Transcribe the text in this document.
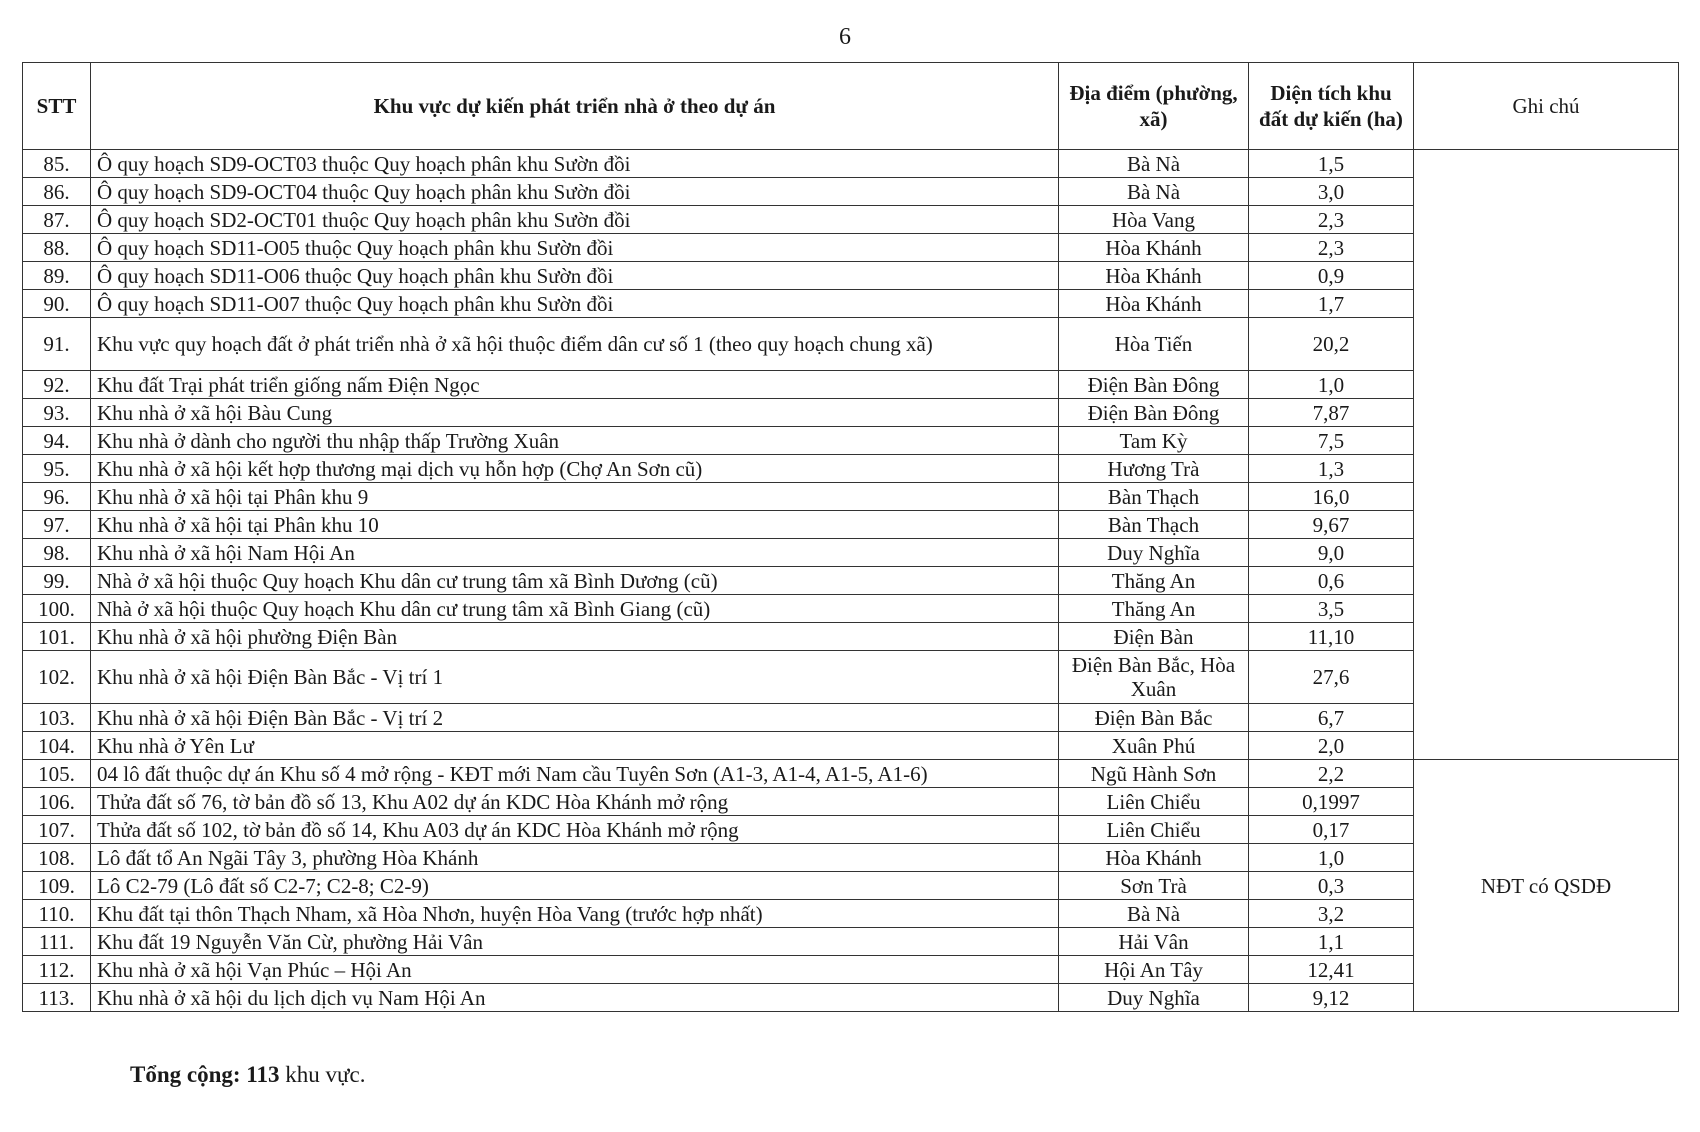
6
STT	Khu vực dự kiến phát triển nhà ở theo dự án	Địa điểm (phường, xã)	Diện tích khu đất dự kiến (ha)	Ghi chú
85.	Ô quy hoạch SD9-OCT03 thuộc Quy hoạch phân khu Sườn đồi	Bà Nà	1,5	
86.	Ô quy hoạch SD9-OCT04 thuộc Quy hoạch phân khu Sườn đồi	Bà Nà	3,0	
87.	Ô quy hoạch SD2-OCT01 thuộc Quy hoạch phân khu Sườn đồi	Hòa Vang	2,3	
88.	Ô quy hoạch SD11-O05 thuộc Quy hoạch phân khu Sườn đồi	Hòa Khánh	2,3	
89.	Ô quy hoạch SD11-O06 thuộc Quy hoạch phân khu Sườn đồi	Hòa Khánh	0,9	
90.	Ô quy hoạch SD11-O07 thuộc Quy hoạch phân khu Sườn đồi	Hòa Khánh	1,7	
91.	Khu vực quy hoạch đất ở phát triển nhà ở xã hội thuộc điểm dân cư số 1 (theo quy hoạch chung xã)	Hòa Tiến	20,2	
92.	Khu đất Trại phát triển giống nấm Điện Ngọc	Điện Bàn Đông	1,0	
93.	Khu nhà ở xã hội Bàu Cung	Điện Bàn Đông	7,87	
94.	Khu nhà ở dành cho người thu nhập thấp Trường Xuân	Tam Kỳ	7,5	
95.	Khu nhà ở xã hội kết hợp thương mại dịch vụ hỗn hợp (Chợ An Sơn cũ)	Hương Trà	1,3	
96.	Khu nhà ở xã hội tại Phân khu 9	Bàn Thạch	16,0	
97.	Khu nhà ở xã hội tại Phân khu 10	Bàn Thạch	9,67	
98.	Khu nhà ở xã hội Nam Hội An	Duy Nghĩa	9,0	
99.	Nhà ở xã hội thuộc Quy hoạch Khu dân cư trung tâm xã Bình Dương (cũ)	Thăng An	0,6	
100.	Nhà ở xã hội thuộc Quy hoạch Khu dân cư trung tâm xã Bình Giang (cũ)	Thăng An	3,5	
101.	Khu nhà ở xã hội phường Điện Bàn	Điện Bàn	11,10	
102.	Khu nhà ở xã hội Điện Bàn Bắc - Vị trí 1	Điện Bàn Bắc, Hòa Xuân	27,6	
103.	Khu nhà ở xã hội Điện Bàn Bắc - Vị trí 2	Điện Bàn Bắc	6,7	
104.	Khu nhà ở Yên Lư	Xuân Phú	2,0	
105.	04 lô đất thuộc dự án Khu số 4 mở rộng - KĐT mới Nam cầu Tuyên Sơn (A1-3, A1-4, A1-5, A1-6)	Ngũ Hành Sơn	2,2	NĐT có QSDĐ
106.	Thửa đất số 76, tờ bản đồ số 13, Khu A02 dự án KDC Hòa Khánh mở rộng	Liên Chiểu	0,1997	
107.	Thửa đất số 102, tờ bản đồ số 14, Khu A03 dự án KDC Hòa Khánh mở rộng	Liên Chiểu	0,17	
108.	Lô đất tổ An Ngãi Tây 3, phường Hòa Khánh	Hòa Khánh	1,0	
109.	Lô C2-79 (Lô đất số C2-7; C2-8; C2-9)	Sơn Trà	0,3	
110.	Khu đất tại thôn Thạch Nham, xã Hòa Nhơn, huyện Hòa Vang (trước hợp nhất)	Bà Nà	3,2	
111.	Khu đất 19 Nguyễn Văn Cừ, phường Hải Vân	Hải Vân	1,1	
112.	Khu nhà ở xã hội Vạn Phúc – Hội An	Hội An Tây	12,41	
113.	Khu nhà ở xã hội du lịch dịch vụ Nam Hội An	Duy Nghĩa	9,12	
Tổng cộng: 113 khu vực.
